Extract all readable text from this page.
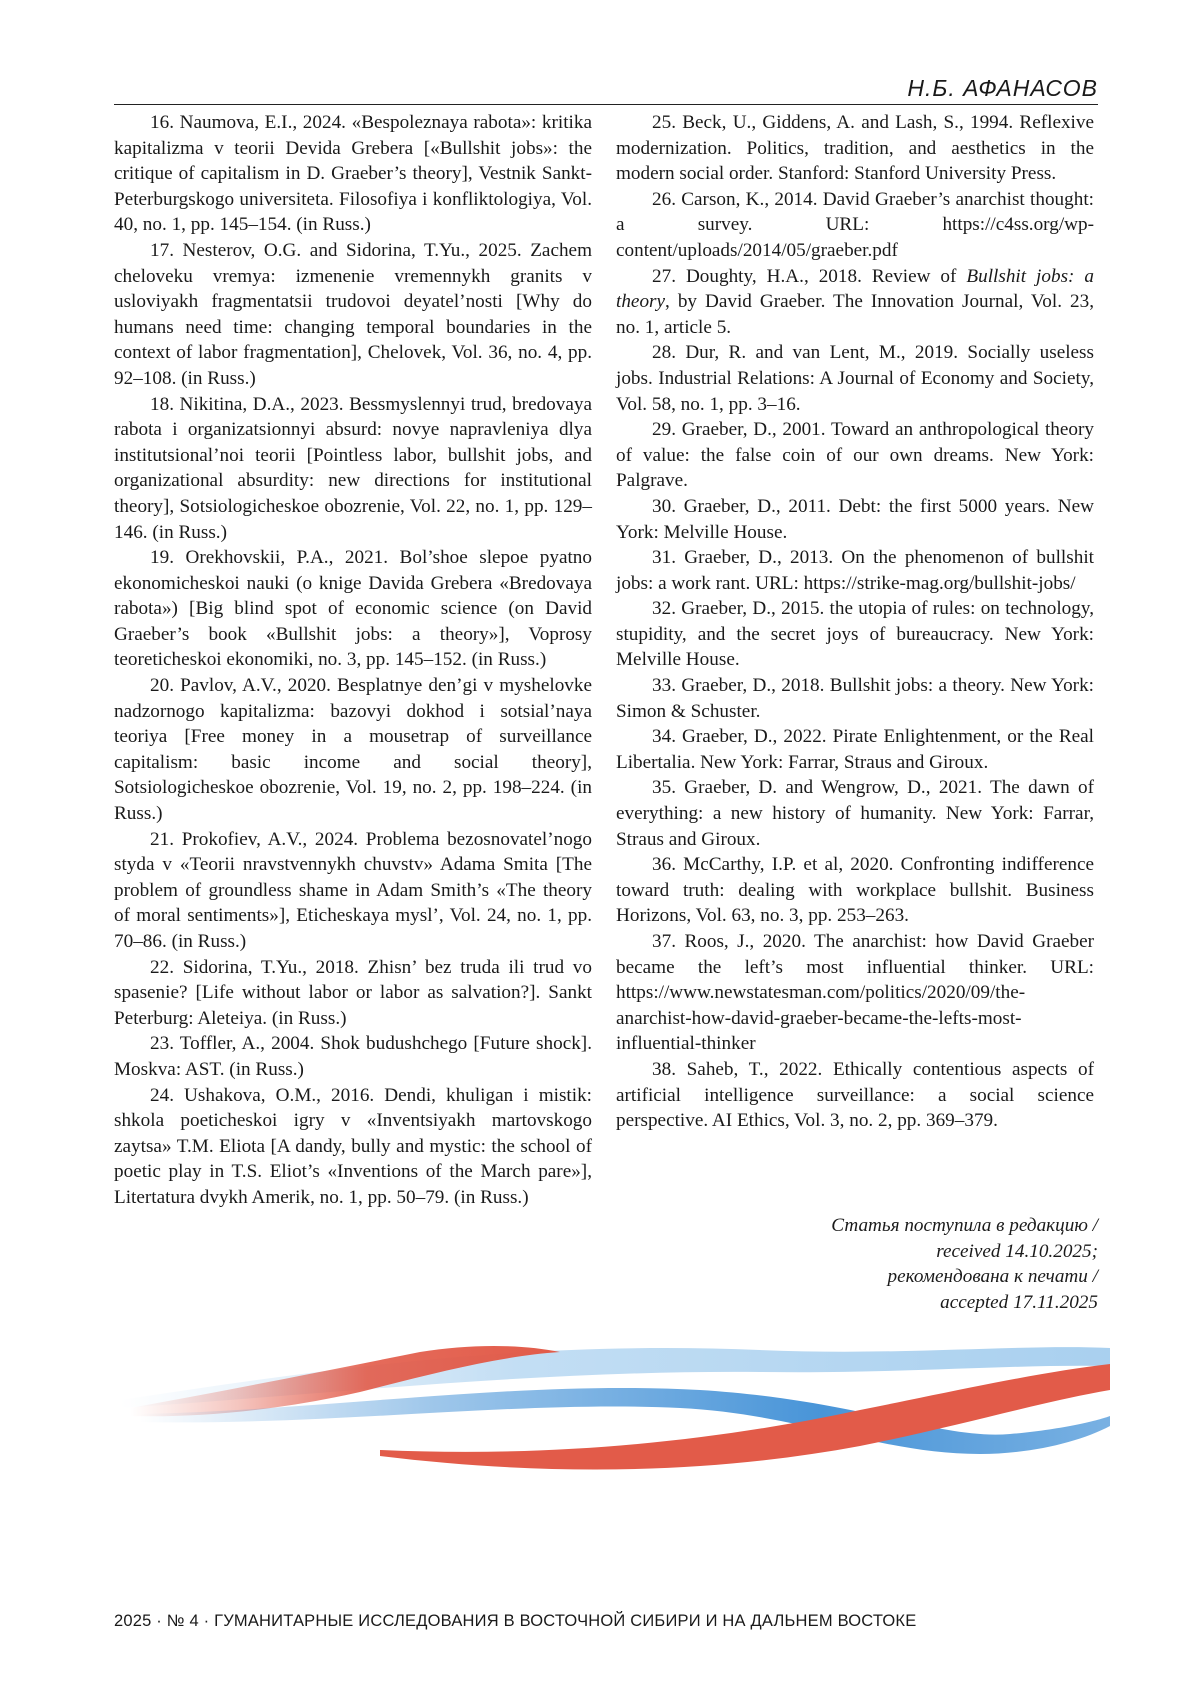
Н.Б. АФАНАСОВ

16. Naumova, E.I., 2024. «Bespoleznaya rabota»: kritika kapitalizma v teorii Devida Grebera [«Bullshit jobs»: the critique of capitalism in D. Graeber’s theory], Vestnik Sankt-Peterburgskogo universiteta. Filosofiya i konfliktologiya, Vol. 40, no. 1, pp. 145–154. (in Russ.)

17. Nesterov, O.G. and Sidorina, T.Yu., 2025. Zachem cheloveku vremya: izmenenie vremennykh granits v usloviyakh fragmentatsii trudovoi deyatel’nosti [Why do humans need time: changing temporal boundaries in the context of labor fragmentation], Chelovek, Vol. 36, no. 4, pp. 92–108. (in Russ.)

18. Nikitina, D.A., 2023. Bessmyslennyi trud, bredovaya rabota i organizatsionnyi absurd: novye napravleniya dlya institutsional’noi teorii [Pointless labor, bullshit jobs, and organizational absurdity: new directions for institutional theory], Sotsiologicheskoe obozrenie, Vol. 22, no. 1, pp. 129–146. (in Russ.)

19. Orekhovskii, P.A., 2021. Bol’shoe slepoe pyatno ekonomicheskoi nauki (o knige Davida Grebera «Bredovaya rabota») [Big blind spot of economic science (on David Graeber’s book «Bullshit jobs: a theory»], Voprosy teoreticheskoi ekonomiki, no. 3, pp. 145–152. (in Russ.)

20. Pavlov, A.V., 2020. Besplatnye den’gi v myshelovke nadzornogo kapitalizma: bazovyi dokhod i sotsial’naya teoriya [Free money in a mousetrap of surveillance capitalism: basic income and social theory], Sotsiologicheskoe obozrenie, Vol. 19, no. 2, pp. 198–224. (in Russ.)

21. Prokofiev, A.V., 2024. Problema bezosnovatel’nogo styda v «Teorii nravstvennykh chuvstv» Adama Smita [The problem of groundless shame in Adam Smith’s «The theory of moral sentiments»], Eticheskaya mysl’, Vol. 24, no. 1, pp. 70–86. (in Russ.)

22. Sidorina, T.Yu., 2018. Zhisn’ bez truda ili trud vo spasenie? [Life without labor or labor as salvation?]. Sankt Peterburg: Aleteiya. (in Russ.)

23. Toffler, A., 2004. Shok budushchego [Future shock]. Moskva: AST. (in Russ.)

24. Ushakova, O.M., 2016. Dendi, khuligan i mistik: shkola poeticheskoi igry v «Inventsiyakh martovskogo zaytsa» T.M. Eliota [A dandy, bully and mystic: the school of poetic play in T.S. Eliot’s «Inventions of the March pare»], Litertatura dvykh Amerik, no. 1, pp. 50–79. (in Russ.)

25. Beck, U., Giddens, A. and Lash, S., 1994. Reflexive modernization. Politics, tradition, and aesthetics in the modern social order. Stanford: Stanford University Press.

26. Carson, K., 2014. David Graeber’s anarchist thought: a survey. URL: https://c4ss.org/wp-content/uploads/2014/05/graeber.pdf

27. Doughty, H.A., 2018. Review of Bullshit jobs: a theory, by David Graeber. The Innovation Journal, Vol. 23, no. 1, article 5.

28. Dur, R. and van Lent, M., 2019. Socially useless jobs. Industrial Relations: A Journal of Economy and Society, Vol. 58, no. 1, pp. 3–16.

29. Graeber, D., 2001. Toward an anthropological theory of value: the false coin of our own dreams. New York: Palgrave.

30. Graeber, D., 2011. Debt: the first 5000 years. New York: Melville House.

31. Graeber, D., 2013. On the phenomenon of bullshit jobs: a work rant. URL: https://strike-mag.org/bullshit-jobs/

32. Graeber, D., 2015. the utopia of rules: on technology, stupidity, and the secret joys of bureaucracy. New York: Melville House.

33. Graeber, D., 2018. Bullshit jobs: a theory. New York: Simon & Schuster.

34. Graeber, D., 2022. Pirate Enlightenment, or the Real Libertalia. New York: Farrar, Straus and Giroux.

35. Graeber, D. and Wengrow, D., 2021. The dawn of everything: a new history of humanity. New York: Farrar, Straus and Giroux.

36. McCarthy, I.P. et al, 2020. Confronting indifference toward truth: dealing with workplace bullshit. Business Horizons, Vol. 63, no. 3, pp. 253–263.

37. Roos, J., 2020. The anarchist: how David Graeber became the left’s most influential thinker. URL: https://www.newstatesman.com/politics/2020/09/the-anarchist-how-david-graeber-became-the-lefts-most-influential-thinker

38. Saheb, T., 2022. Ethically contentious aspects of artificial intelligence surveillance: a social science perspective. AI Ethics, Vol. 3, no. 2, pp. 369–379.

Статья поступила в редакцию /
received 14.10.2025;
рекомендована к печати /
accepted 17.11.2025
2025 · № 4 · ГУМАНИТАРНЫЕ ИССЛЕДОВАНИЯ В ВОСТОЧНОЙ СИБИРИ И НА ДАЛЬНЕМ ВОСТОКЕ
